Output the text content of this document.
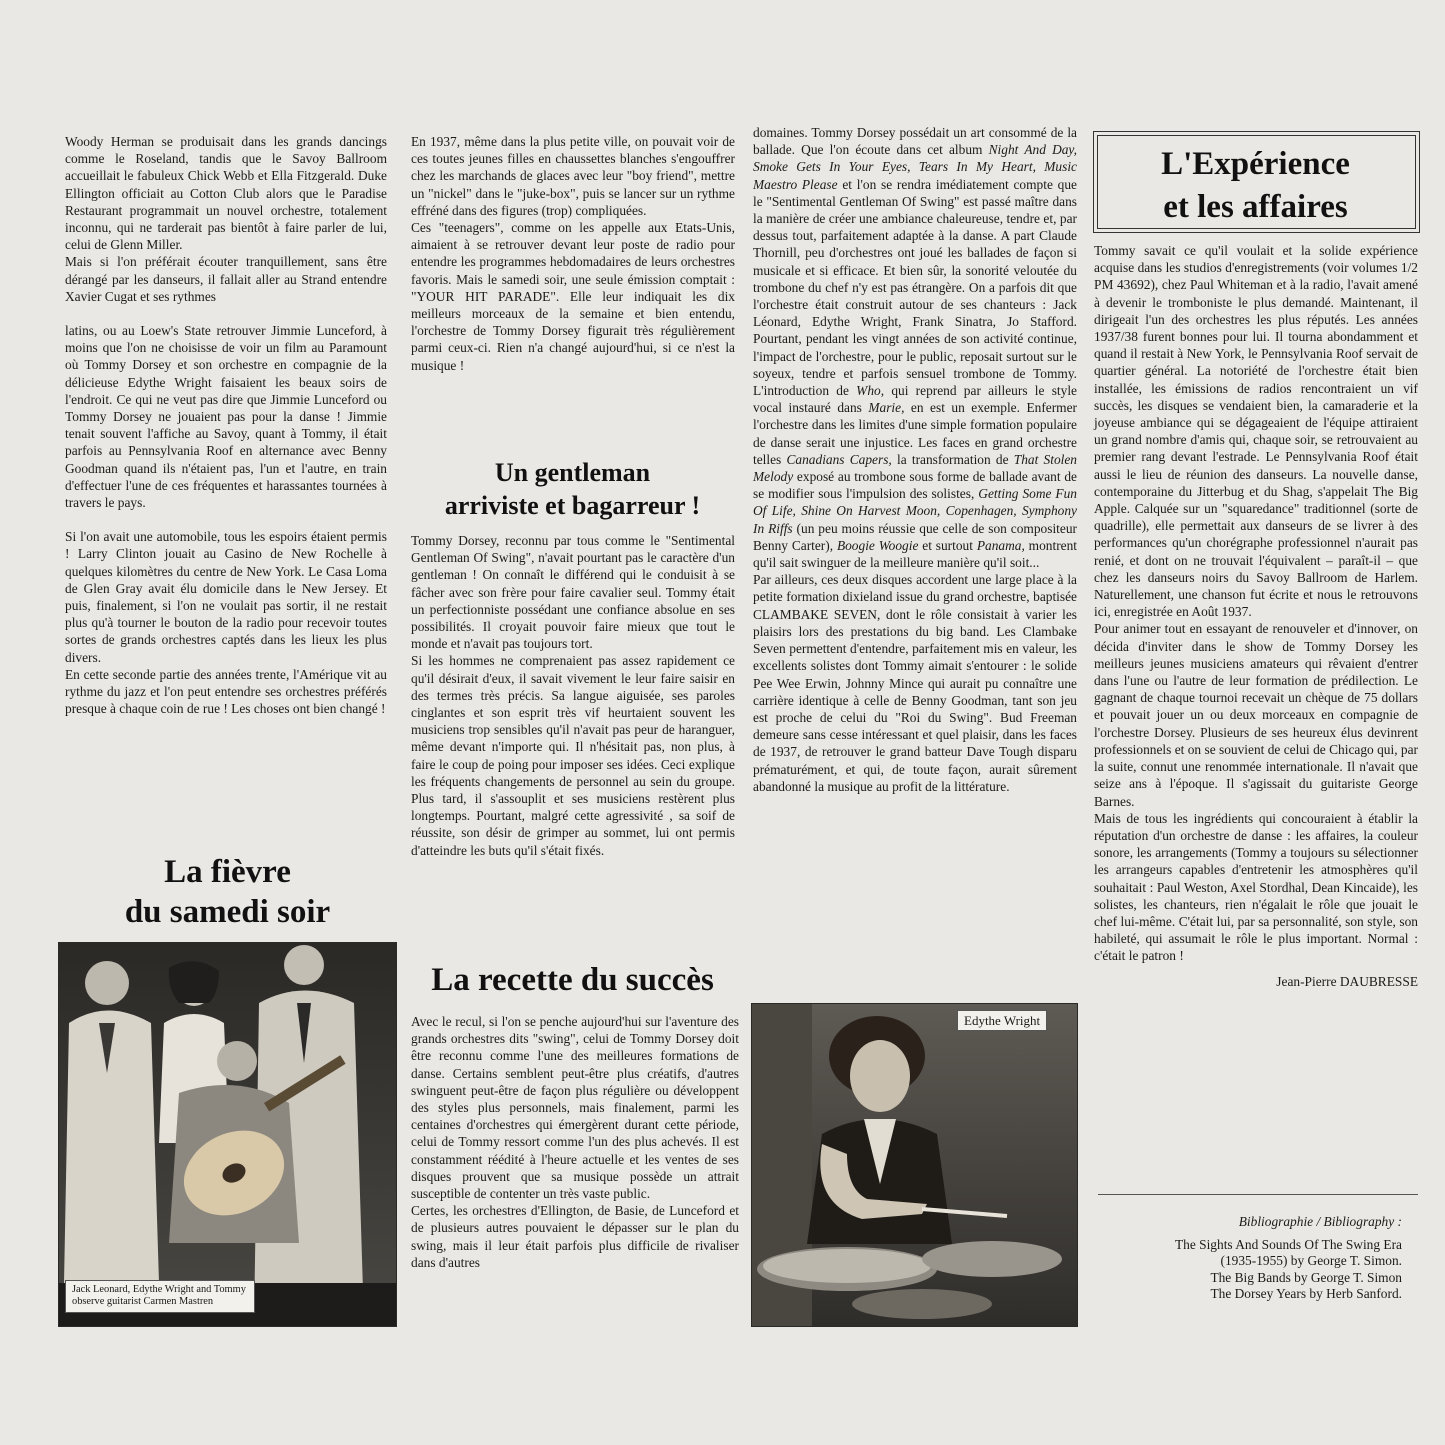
Woody Herman se produisait dans les grands dancings comme le Roseland, tandis que le Savoy Ballroom accueillait le fabuleux Chick Webb et Ella Fitzgerald. Duke Ellington officiait au Cotton Club alors que le Paradise Restaurant programmait un nouvel orchestre, totalement inconnu, qui ne tarderait pas bientôt à faire parler de lui, celui de Glenn Miller.

Mais si l'on préférait écouter tranquillement, sans être dérangé par les danseurs, il fallait aller au Strand entendre Xavier Cugat et ses rythmes

latins, ou au Loew's State retrouver Jimmie Lunceford, à moins que l'on ne choisisse de voir un film au Paramount où Tommy Dorsey et son orchestre en compagnie de la délicieuse Edythe Wright faisaient les beaux soirs de l'endroit. Ce qui ne veut pas dire que Jimmie Lunceford ou Tommy Dorsey ne jouaient pas pour la danse ! Jimmie tenait souvent l'affiche au Savoy, quant à Tommy, il était parfois au Pennsylvania Roof en alternance avec Benny Goodman quand ils n'étaient pas, l'un et l'autre, en train d'effectuer l'une de ces fréquentes et harassantes tournées à travers le pays.

Si l'on avait une automobile, tous les espoirs étaient permis ! Larry Clinton jouait au Casino de New Rochelle à quelques kilomètres du centre de New York. Le Casa Loma de Glen Gray avait élu domicile dans le New Jersey. Et puis, finalement, si l'on ne voulait pas sortir, il ne restait plus qu'à tourner le bouton de la radio pour recevoir toutes sortes de grands orchestres captés dans les lieux les plus divers.

En cette seconde partie des années trente, l'Amérique vit au rythme du jazz et l'on peut entendre ses orchestres préférés presque à chaque coin de rue ! Les choses ont bien changé !

La fièvre
du samedi soir
Jack Leonard, Edythe Wright and Tommy observe guitarist Carmen Mastren

En 1937, même dans la plus petite ville, on pouvait voir de ces toutes jeunes filles en chaussettes blanches s'engouffrer chez les marchands de glaces avec leur "boy friend", mettre un "nickel" dans le "juke-box", puis se lancer sur un rythme effréné dans des figures (trop) compliquées.

Ces "teenagers", comme on les appelle aux Etats-Unis, aimaient à se retrouver devant leur poste de radio pour entendre les programmes hebdomadaires de leurs orchestres favoris. Mais le samedi soir, une seule émission comptait : "YOUR HIT PARADE". Elle leur indiquait les dix meilleurs morceaux de la semaine et bien entendu, l'orchestre de Tommy Dorsey figurait très régulièrement parmi ceux-ci. Rien n'a changé aujourd'hui, si ce n'est la musique !

Un gentleman
arriviste et bagarreur !

Tommy Dorsey, reconnu par tous comme le "Sentimental Gentleman Of Swing", n'avait pourtant pas le caractère d'un gentleman ! On connaît le différend qui le conduisit à se fâcher avec son frère pour faire cavalier seul. Tommy était un perfectionniste possédant une confiance absolue en ses possibilités. Il croyait pouvoir faire mieux que tout le monde et n'avait pas toujours tort.

Si les hommes ne comprenaient pas assez rapidement ce qu'il désirait d'eux, il savait vivement le leur faire saisir en des termes très précis. Sa langue aiguisée, ses paroles cinglantes et son esprit très vif heurtaient souvent les musiciens trop sensibles qu'il n'avait pas peur de haranguer, même devant n'importe qui. Il n'hésitait pas, non plus, à faire le coup de poing pour imposer ses idées. Ceci explique les fréquents changements de personnel au sein du groupe. Plus tard, il s'assouplit et ses musiciens restèrent plus longtemps. Pourtant, malgré cette agressivité , sa soif de réussite, son désir de grimper au sommet, lui ont permis d'atteindre les buts qu'il s'était fixés.

La recette du succès

Avec le recul, si l'on se penche aujourd'hui sur l'aventure des grands orchestres dits "swing", celui de Tommy Dorsey doit être reconnu comme l'une des meilleures formations de danse. Certains semblent peut-être plus créatifs, d'autres swinguent peut-être de façon plus régulière ou développent des styles plus personnels, mais finalement, parmi les centaines d'orchestres qui émergèrent durant cette période, celui de Tommy ressort comme l'un des plus achevés. Il est constamment réédité à l'heure actuelle et les ventes de ses disques prouvent que sa musique possède un attrait susceptible de contenter un très vaste public.

Certes, les orchestres d'Ellington, de Basie, de Lunceford et de plusieurs autres pouvaient le dépasser sur le plan du swing, mais il leur était parfois plus difficile de rivaliser dans d'autres

domaines. Tommy Dorsey possédait un art consommé de la ballade. Que l'on écoute dans cet album Night And Day, Smoke Gets In Your Eyes, Tears In My Heart, Music Maestro Please et l'on se rendra imédiatement compte que le "Sentimental Gentleman Of Swing" est passé maître dans la manière de créer une ambiance chaleureuse, tendre et, par dessus tout, parfaitement adaptée à la danse. A part Claude Thornill, peu d'orchestres ont joué les ballades de façon si musicale et si efficace. Et bien sûr, la sonorité veloutée du trombone du chef n'y est pas étrangère. On a parfois dit que l'orchestre était construit autour de ses chanteurs : Jack Léonard, Edythe Wright, Frank Sinatra, Jo Stafford. Pourtant, pendant les vingt années de son activité continue, l'impact de l'orchestre, pour le public, reposait surtout sur le soyeux, tendre et parfois sensuel trombone de Tommy. L'introduction de Who, qui reprend par ailleurs le style vocal instauré dans Marie, en est un exemple. Enfermer l'orchestre dans les limites d'une simple formation populaire de danse serait une injustice. Les faces en grand orchestre telles Canadians Capers, la transformation de That Stolen Melody exposé au trombone sous forme de ballade avant de se modifier sous l'impulsion des solistes, Getting Some Fun Of Life, Shine On Harvest Moon, Copenhagen, Symphony In Riffs (un peu moins réussie que celle de son compositeur Benny Carter), Boogie Woogie et surtout Panama, montrent qu'il sait swinguer de la meilleure manière qu'il soit...

Par ailleurs, ces deux disques accordent une large place à la petite formation dixieland issue du grand orchestre, baptisée CLAMBAKE SEVEN, dont le rôle consistait à varier les plaisirs lors des prestations du big band. Les Clambake Seven permettent d'entendre, parfaitement mis en valeur, les excellents solistes dont Tommy aimait s'entourer : le solide Pee Wee Erwin, Johnny Mince qui aurait pu connaître une carrière identique à celle de Benny Goodman, tant son jeu est proche de celui du "Roi du Swing". Bud Freeman demeure sans cesse intéressant et quel plaisir, dans les faces de 1937, de retrouver le grand batteur Dave Tough disparu prématurément, et qui, de toute façon, aurait sûrement abandonné la musique au profit de la littérature.

Edythe Wright
L'Expérience
et les affaires

Tommy savait ce qu'il voulait et la solide expérience acquise dans les studios d'enregistrements (voir volumes 1/2 PM 43692), chez Paul Whiteman et à la radio, l'avait amené à devenir le tromboniste le plus demandé. Maintenant, il dirigeait l'un des orchestres les plus réputés. Les années 1937/38 furent bonnes pour lui. Il tourna abondamment et quand il restait à New York, le Pennsylvania Roof servait de quartier général. La notoriété de l'orchestre était bien installée, les émissions de radios rencontraient un vif succès, les disques se vendaient bien, la camaraderie et la joyeuse ambiance qui se dégageaient de l'équipe attiraient un grand nombre d'amis qui, chaque soir, se retrouvaient au premier rang devant l'estrade. Le Pennsylvania Roof était aussi le lieu de réunion des danseurs. La nouvelle danse, contemporaine du Jitterbug et du Shag, s'appelait The Big Apple. Calquée sur un "squaredance" traditionnel (sorte de quadrille), elle permettait aux danseurs de se livrer à des performances qu'un chorégraphe professionnel n'aurait pas renié, et dont on ne trouvait l'équivalent – paraît-il – que chez les danseurs noirs du Savoy Ballroom de Harlem. Naturellement, une chanson fut écrite et nous le retrouvons ici, enregistrée en Août 1937.

Pour animer tout en essayant de renouveler et d'innover, on décida d'inviter dans le show de Tommy Dorsey les meilleurs jeunes musiciens amateurs qui rêvaient d'entrer dans l'une ou l'autre de leur formation de prédilection. Le gagnant de chaque tournoi recevait un chèque de 75 dollars et pouvait jouer un ou deux morceaux en compagnie de l'orchestre Dorsey. Plusieurs de ses heureux élus devinrent professionnels et on se souvient de celui de Chicago qui, par la suite, connut une renommée internationale. Il n'avait que seize ans à l'époque. Il s'agissait du guitariste George Barnes.

Mais de tous les ingrédients qui concouraient à établir la réputation d'un orchestre de danse : les affaires, la couleur sonore, les arrangements (Tommy a toujours su sélectionner les arrangeurs capables d'entretenir les atmosphères qu'il souhaitait : Paul Weston, Axel Stordhal, Dean Kincaide), les solistes, les chanteurs, rien n'égalait le rôle que jouait le chef lui-même. C'était lui, par sa personnalité, son style, son habileté, qui assumait le rôle le plus important. Normal : c'était le patron !

Jean-Pierre DAUBRESSE

Bibliographie / Bibliography :

The Sights And Sounds Of The Swing Era

(1935-1955) by George T. Simon.

The Big Bands by George T. Simon

The Dorsey Years by Herb Sanford.
